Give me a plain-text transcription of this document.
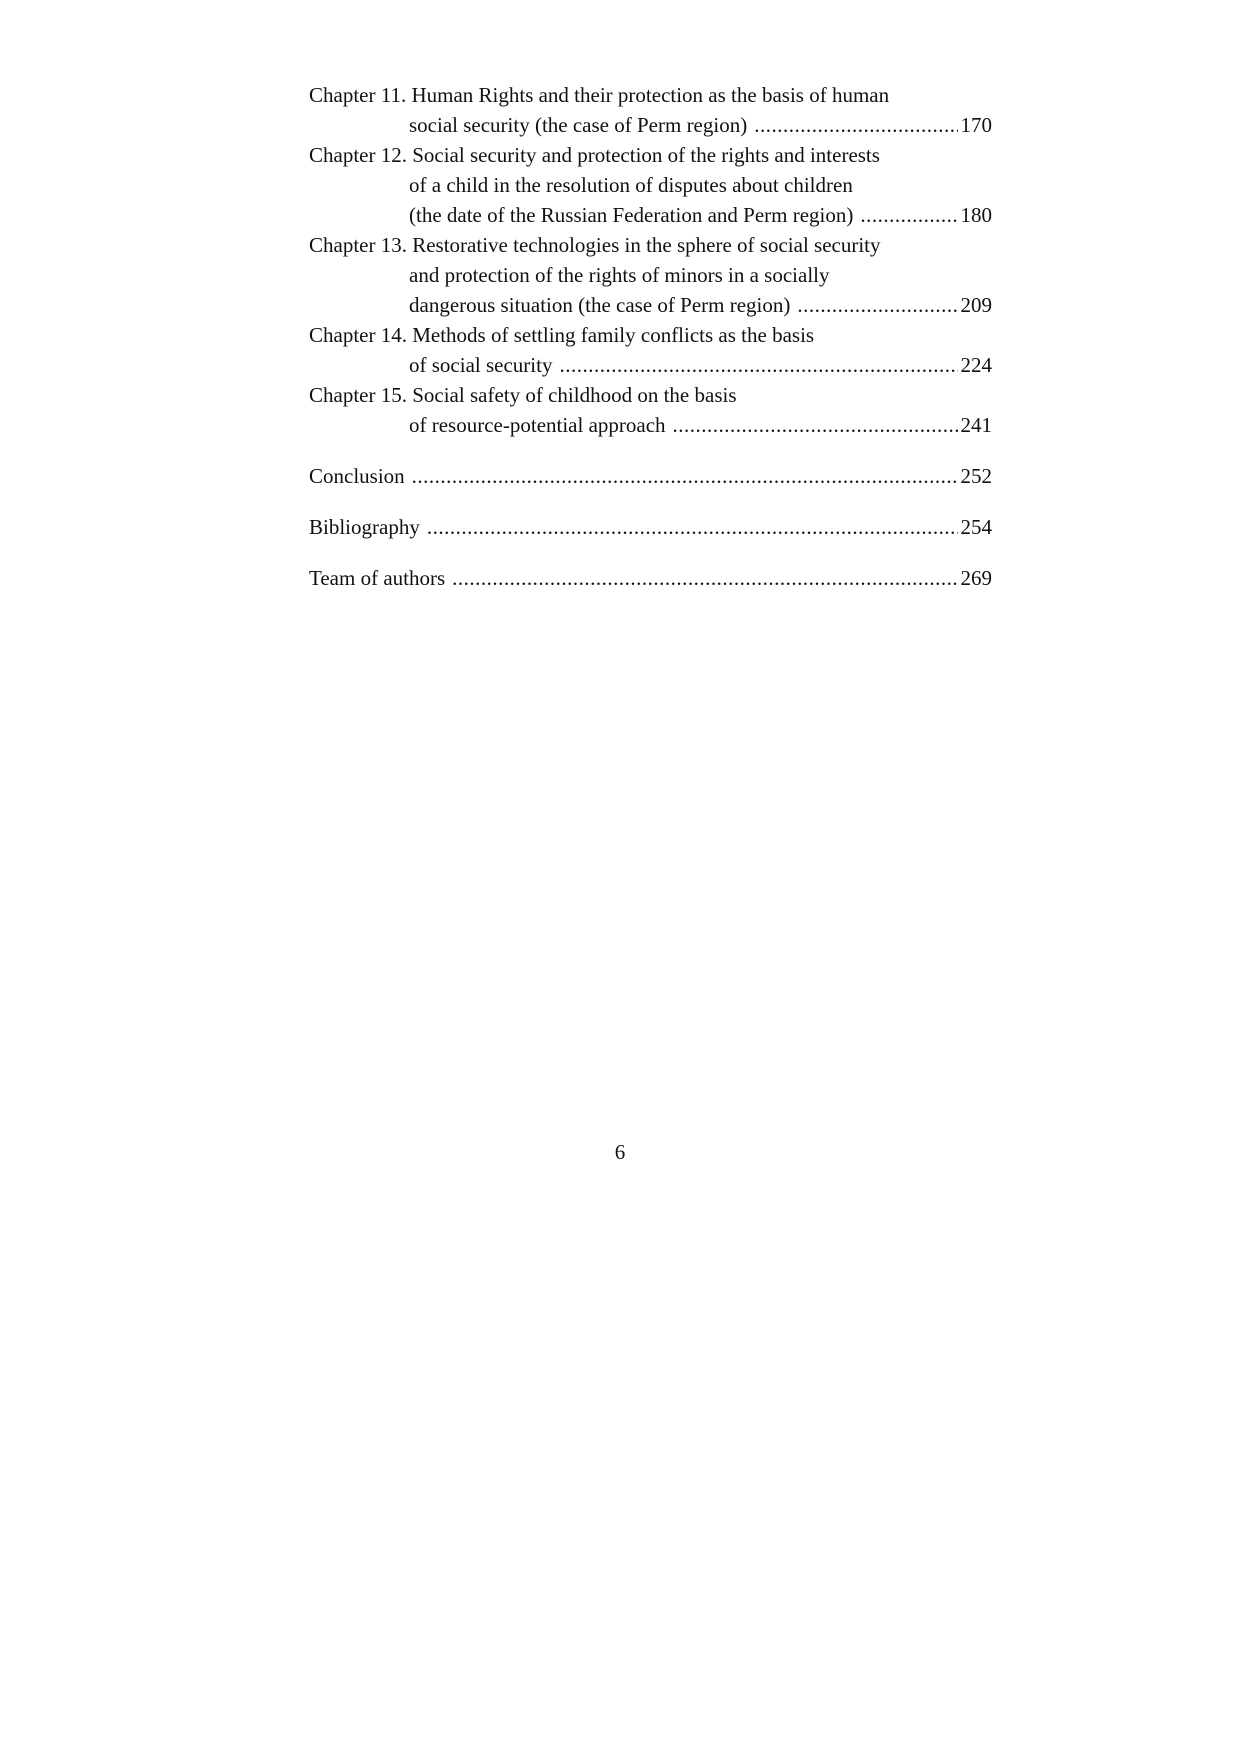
Chapter 11. Human Rights and their protection as the basis of human
social security (the case of Perm region) .....	170
Chapter 12. Social security and protection of the rights and interests
of a child in the resolution of disputes about children
(the date of the Russian Federation and Perm region) .....	180
Chapter 13. Restorative technologies in the sphere of social security
and protection of the rights of minors in a socially
dangerous situation (the case of Perm region) .....	209
Chapter 14. Methods of settling family conflicts as the basis
of social security .....	224
Chapter 15. Social safety of childhood on the basis
of resource-potential approach .....	241
Conclusion .....	252
Bibliography .....	254
Team of authors .....	269
6
